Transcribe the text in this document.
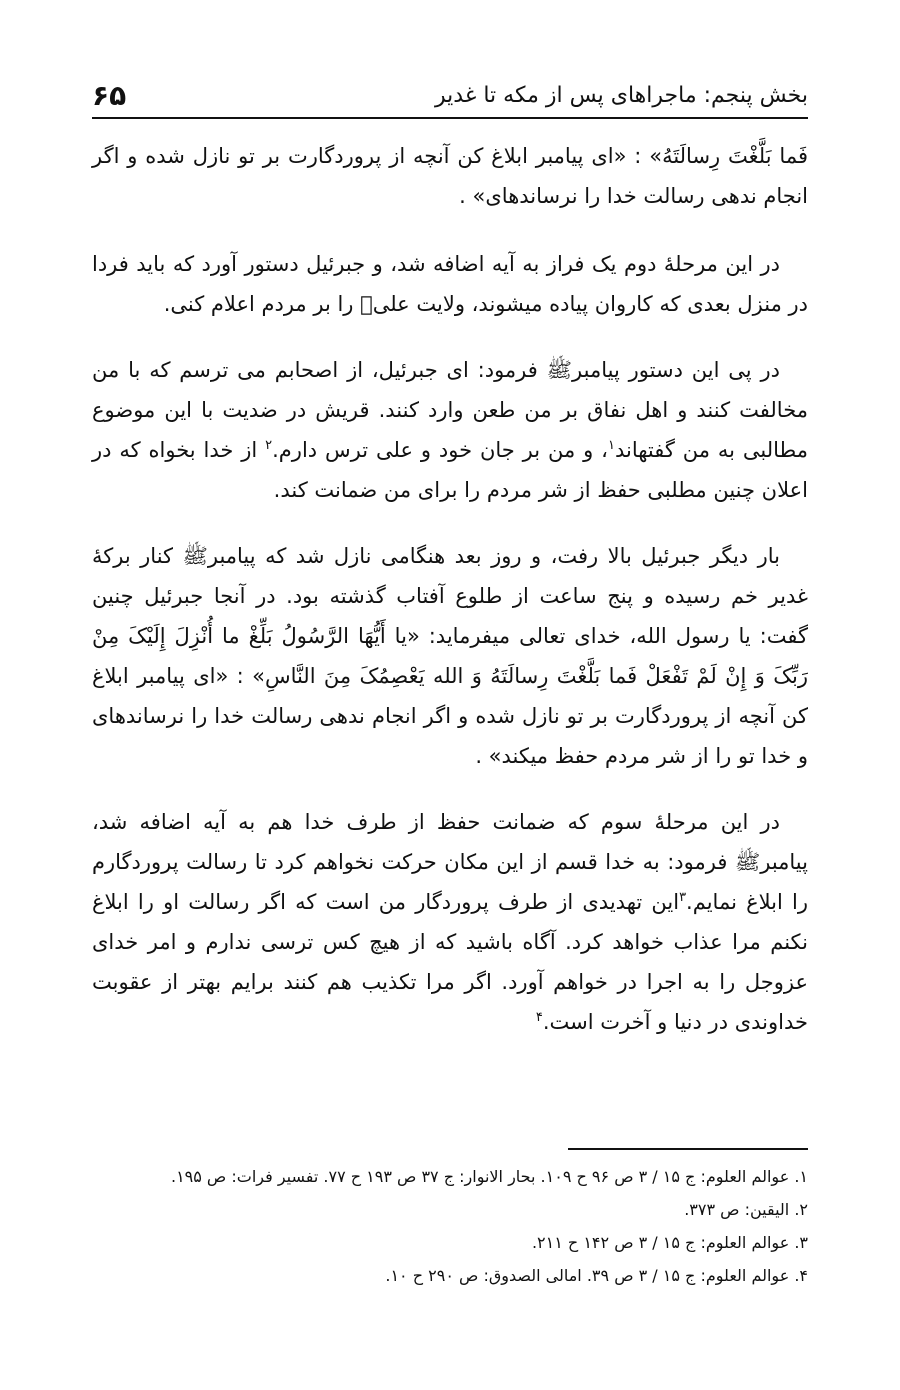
بخش پنجم: ماجراهای پس از مکه تا غدیر
۶۵

فَما بَلَّغْتَ رِسالَتَهُ» : «ای پیامبر ابلاغ کن آنچه از پروردگارت بر تو نازل شده و اگر انجام ندهی رسالت خدا را نرساندهای» .

در این مرحلۀ دوم یک فراز به آیه اضافه شد، و جبرئیل دستور آورد که باید فردا در منزل بعدی که کاروان پیاده میشوند، ولایت علیؑ را بر مردم اعلام کنی.

در پی این دستور پیامبرﷺ فرمود: ای جبرئیل، از اصحابم می ترسم که با من مخالفت کنند و اهل نفاق بر من طعن وارد کنند. قریش در ضدیت با این موضوع مطالبی به من گفتهاند$^۱$، و من بر جان خود و علی ترس دارم.$^۲$ از خدا بخواه که در اعلان چنین مطلبی حفظ از شر مردم را برای من ضمانت کند.

بار دیگر جبرئیل بالا رفت، و روز بعد هنگامی نازل شد که پیامبرﷺ کنار برکۀ غدیر خم رسیده و پنج ساعت از طلوع آفتاب گذشته بود. در آنجا جبرئیل چنین گفت: یا رسول الله، خدای تعالی میفرماید: «یا أَیُّهَا الرَّسُولُ بَلِّغْ ما أُنْزِلَ إِلَیْکَ مِنْ رَبِّکَ وَ إِنْ لَمْ تَفْعَلْ فَما بَلَّغْتَ رِسالَتَهُ وَ الله یَعْصِمُکَ مِنَ النَّاسِ» : «ای پیامبر ابلاغ کن آنچه از پروردگارت بر تو نازل شده و اگر انجام ندهی رسالت خدا را نرساندهای و خدا تو را از شر مردم حفظ میکند» .

در این مرحلۀ سوم که ضمانت حفظ از طرف خدا هم به آیه اضافه شد، پیامبرﷺ فرمود: به خدا قسم از این مکان حرکت نخواهم کرد تا رسالت پروردگارم را ابلاغ نمایم.$^۳$این تهدیدی از طرف پروردگار من است که اگر رسالت او را ابلاغ نکنم مرا عذاب خواهد کرد. آگاه باشید که از هیچ کس ترسی ندارم و امر خدای عزوجل را به اجرا در خواهم آورد. اگر مرا تکذیب هم کنند برایم بهتر از عقوبت خداوندی در دنیا و آخرت است.$^۴$

۱. عوالم العلوم: ج ۱۵ / ۳ ص ۹۶ ح ۱۰۹. بحار الانوار: ج ۳۷ ص ۱۹۳ ح ۷۷. تفسیر فرات: ص ۱۹۵.

۲. الیقین: ص ۳۷۳.

۳. عوالم العلوم: ج ۱۵ / ۳ ص ۱۴۲ ح ۲۱۱.

۴. عوالم العلوم: ج ۱۵ / ۳ ص ۳۹. امالی الصدوق: ص ۲۹۰ ح ۱۰.
